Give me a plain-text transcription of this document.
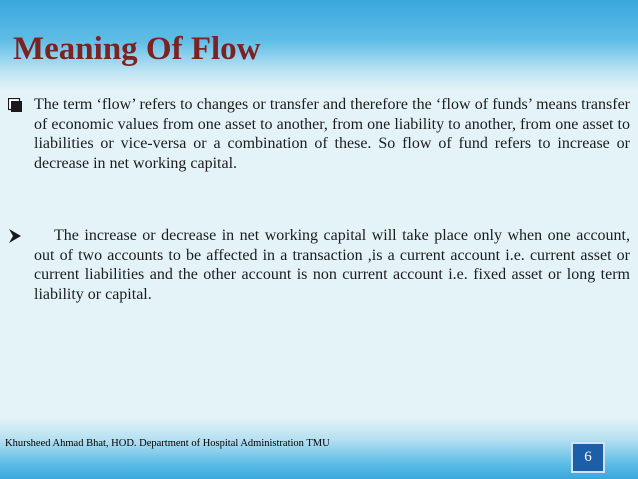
Meaning Of Flow

The term ‘flow’ refers to changes or transfer and therefore the ‘flow of funds’ means transfer of economic values from one asset to another, from one liability to another, from one asset to liabilities or vice-versa or a combination of these. So flow of fund refers to increase or decrease in net working capital.

The increase or decrease in net working capital will take place only when one account, out of two accounts to be affected in a transaction ,is a current account i.e. current asset or current liabilities and the other account is non current account i.e. fixed asset or long term liability or capital.

Khursheed Ahmad Bhat, HOD. Department of Hospital Administration TMU
6
